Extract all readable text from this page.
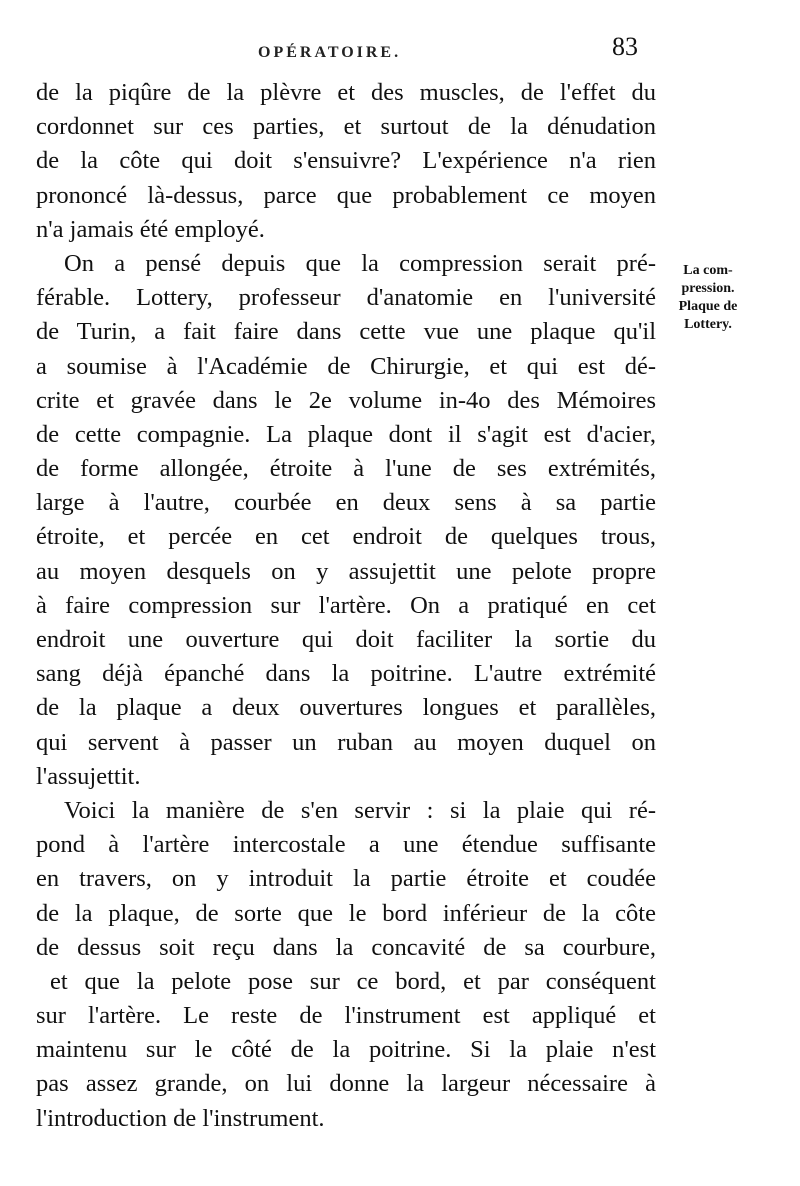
OPÉRATOIRE.	83
La com-
pression.
Plaque de
Lottery.
de la piqûre de la plèvre et des muscles, de l'effet du
cordonnet sur ces parties, et surtout de la dénudation
de la côte qui doit s'ensuivre? L'expérience n'a rien
prononcé là-dessus, parce que probablement ce moyen
n'a jamais été employé.
On a pensé depuis que la compression serait pré-
férable. Lottery, professeur d'anatomie en l'université
de Turin, a fait faire dans cette vue une plaque qu'il
a soumise à l'Académie de Chirurgie, et qui est dé-
crite et gravée dans le 2e volume in-4o des Mémoires
de cette compagnie. La plaque dont il s'agit est d'acier,
de forme allongée, étroite à l'une de ses extrémités,
large à l'autre, courbée en deux sens à sa partie
étroite, et percée en cet endroit de quelques trous,
au moyen desquels on y assujettit une pelote propre
à faire compression sur l'artère. On a pratiqué en cet
endroit une ouverture qui doit faciliter la sortie du
sang déjà épanché dans la poitrine. L'autre extrémité
de la plaque a deux ouvertures longues et parallèles,
qui servent à passer un ruban au moyen duquel on
l'assujettit.
Voici la manière de s'en servir : si la plaie qui ré-
pond à l'artère intercostale a une étendue suffisante
en travers, on y introduit la partie étroite et coudée
de la plaque, de sorte que le bord inférieur de la côte
de dessus soit reçu dans la concavité de sa courbure,
et que la pelote pose sur ce bord, et par conséquent
sur l'artère. Le reste de l'instrument est appliqué et
maintenu sur le côté de la poitrine. Si la plaie n'est
pas assez grande, on lui donne la largeur nécessaire à
l'introduction de l'instrument.
